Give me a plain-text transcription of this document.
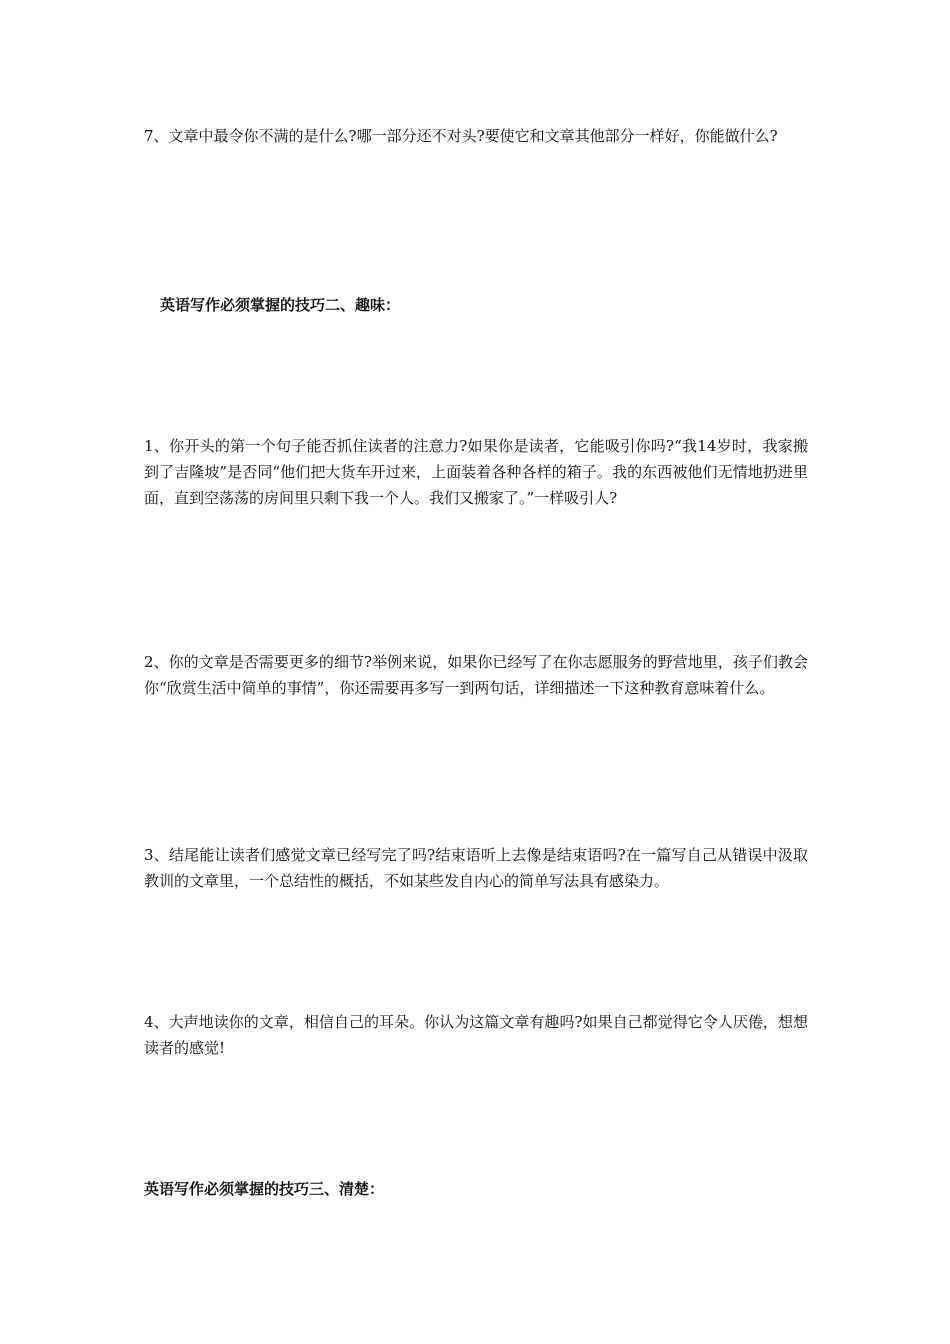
7、文章中最令你不满的是什么?哪一部分还不对头?要使它和文章其他部分一样好，你能做什么?

英语写作必须掌握的技巧二、趣味：

1、你开头的第一个句子能否抓住读者的注意力?如果你是读者，它能吸引你吗?“我14岁时，我家搬到了吉隆坡”是否同“他们把大货车开过来，上面装着各种各样的箱子。我的东西被他们无情地扔进里面，直到空荡荡的房间里只剩下我一个人。我们又搬家了。”一样吸引人?

2、你的文章是否需要更多的细节?举例来说，如果你已经写了在你志愿服务的野营地里，孩子们教会你“欣赏生活中简单的事情”，你还需要再多写一到两句话，详细描述一下这种教育意味着什么。

3、结尾能让读者们感觉文章已经写完了吗?结束语听上去像是结束语吗?在一篇写自己从错误中汲取教训的文章里，一个总结性的概括，不如某些发自内心的简单写法具有感染力。

4、大声地读你的文章，相信自己的耳朵。你认为这篇文章有趣吗?如果自己都觉得它令人厌倦，想想读者的感觉!

英语写作必须掌握的技巧三、清楚：
